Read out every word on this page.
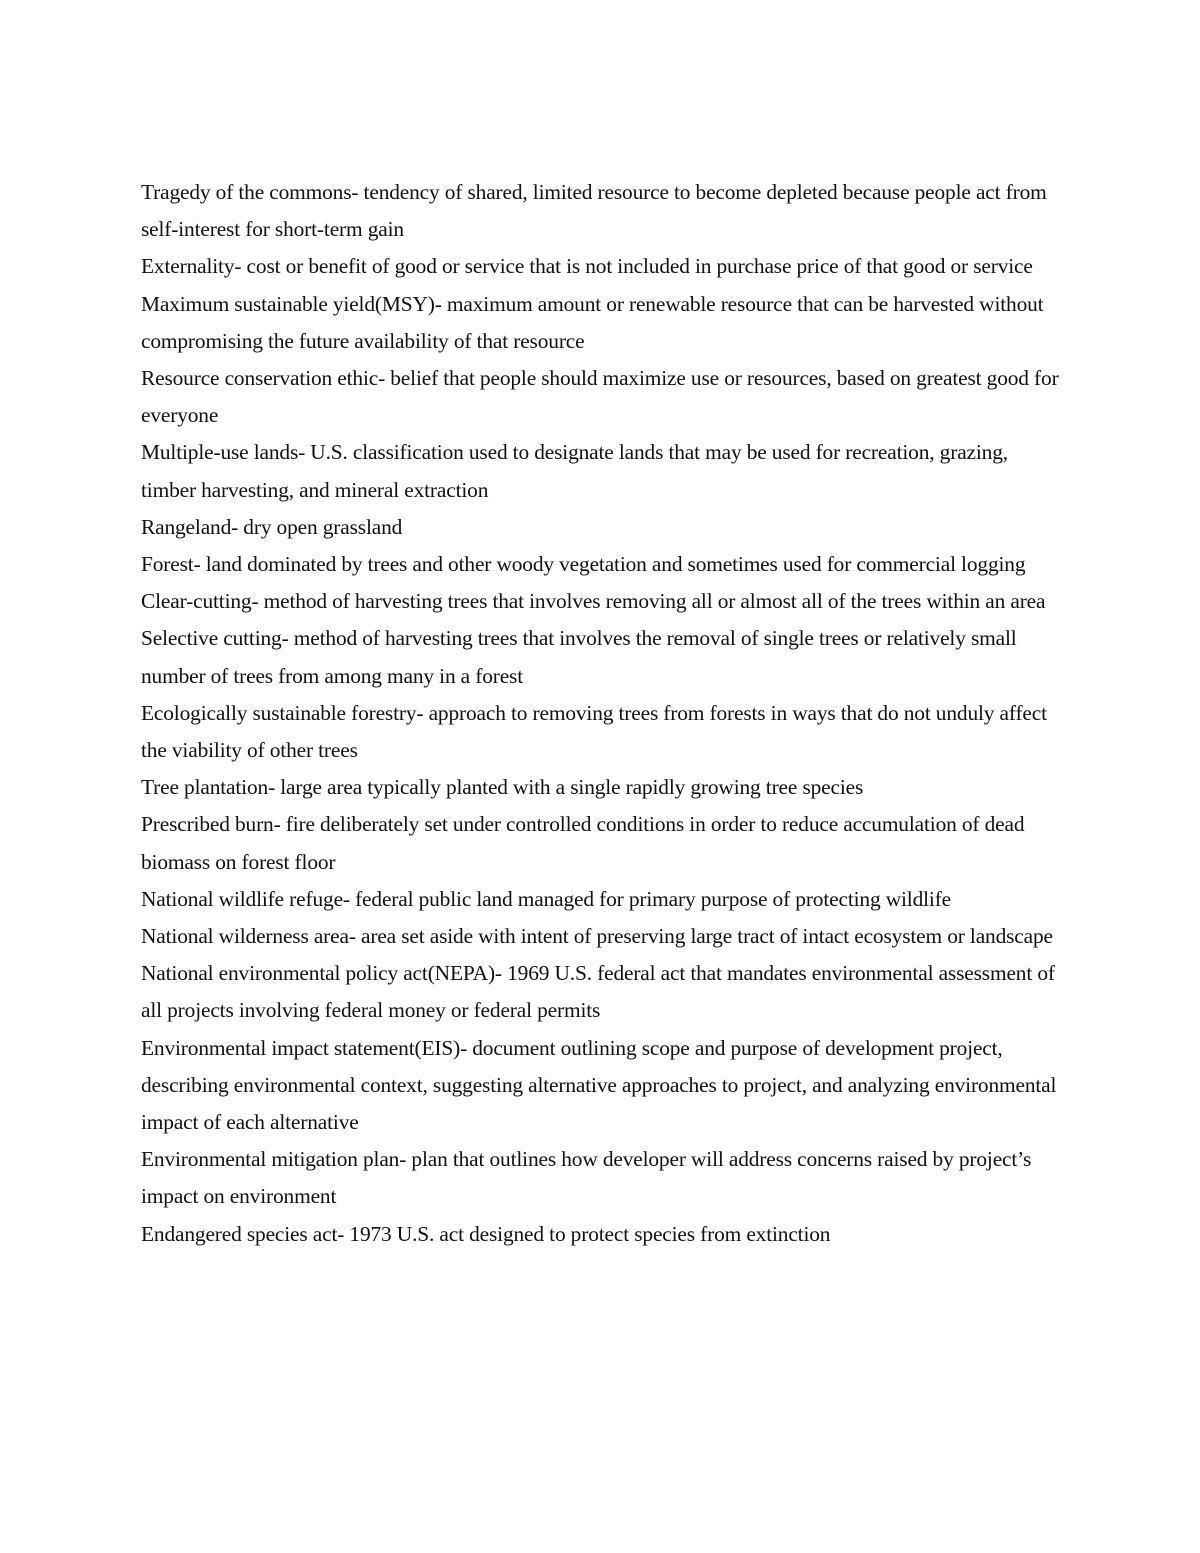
Tragedy of the commons- tendency of shared, limited resource to become depleted because people act from self-interest for short-term gain

Externality- cost or benefit of good or service that is not included in purchase price of that good or service

Maximum sustainable yield(MSY)- maximum amount or renewable resource that can be harvested without compromising the future availability of that resource

Resource conservation ethic- belief that people should maximize use or resources, based on greatest good for everyone

Multiple-use lands- U.S. classification used to designate lands that may be used for recreation, grazing, timber harvesting, and mineral extraction

Rangeland- dry open grassland

Forest- land dominated by trees and other woody vegetation and sometimes used for commercial logging

Clear-cutting- method of harvesting trees that involves removing all or almost all of the trees within an area

Selective cutting- method of harvesting trees that involves the removal of single trees or relatively small number of trees from among many in a forest

Ecologically sustainable forestry- approach to removing trees from forests in ways that do not unduly affect the viability of other trees

Tree plantation- large area typically planted with a single rapidly growing tree species

Prescribed burn- fire deliberately set under controlled conditions in order to reduce accumulation of dead biomass on forest floor

National wildlife refuge- federal public land managed for primary purpose of protecting wildlife

National wilderness area- area set aside with intent of preserving large tract of intact ecosystem or landscape

National environmental policy act(NEPA)- 1969 U.S. federal act that mandates environmental assessment of all projects involving federal money or federal permits

Environmental impact statement(EIS)- document outlining scope and purpose of development project, describing environmental context, suggesting alternative approaches to project, and analyzing environmental impact of each alternative

Environmental mitigation plan- plan that outlines how developer will address concerns raised by project’s impact on environment

Endangered species act- 1973 U.S. act designed to protect species from extinction
